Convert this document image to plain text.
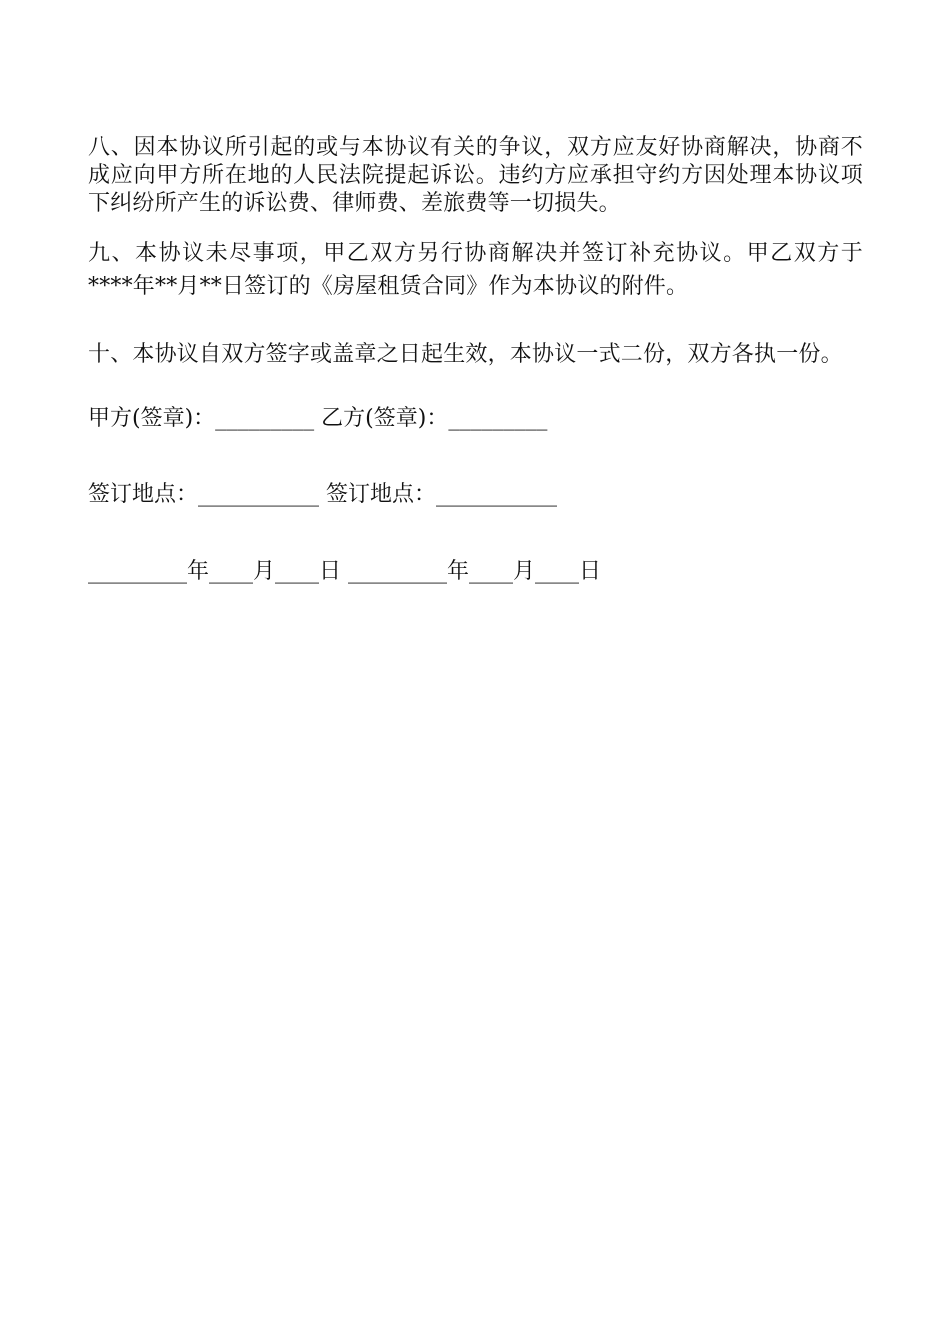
八、因本协议所引起的或与本协议有关的争议，双方应友好协商解决，协商不成应向甲方所在地的人民法院提起诉讼。违约方应承担守约方因处理本协议项下纠纷所产生的诉讼费、律师费、差旅费等一切损失。

九、本协议未尽事项，甲乙双方另行协商解决并签订补充协议。甲乙双方于****年**月**日签订的《房屋租赁合同》作为本协议的附件。

十、本协议自双方签字或盖章之日起生效，本协议一式二份，双方各执一份。

甲方(签章)：_________ 乙方(签章)：_________

签订地点：___________ 签订地点：___________

_________年____月____日 _________年____月____日
